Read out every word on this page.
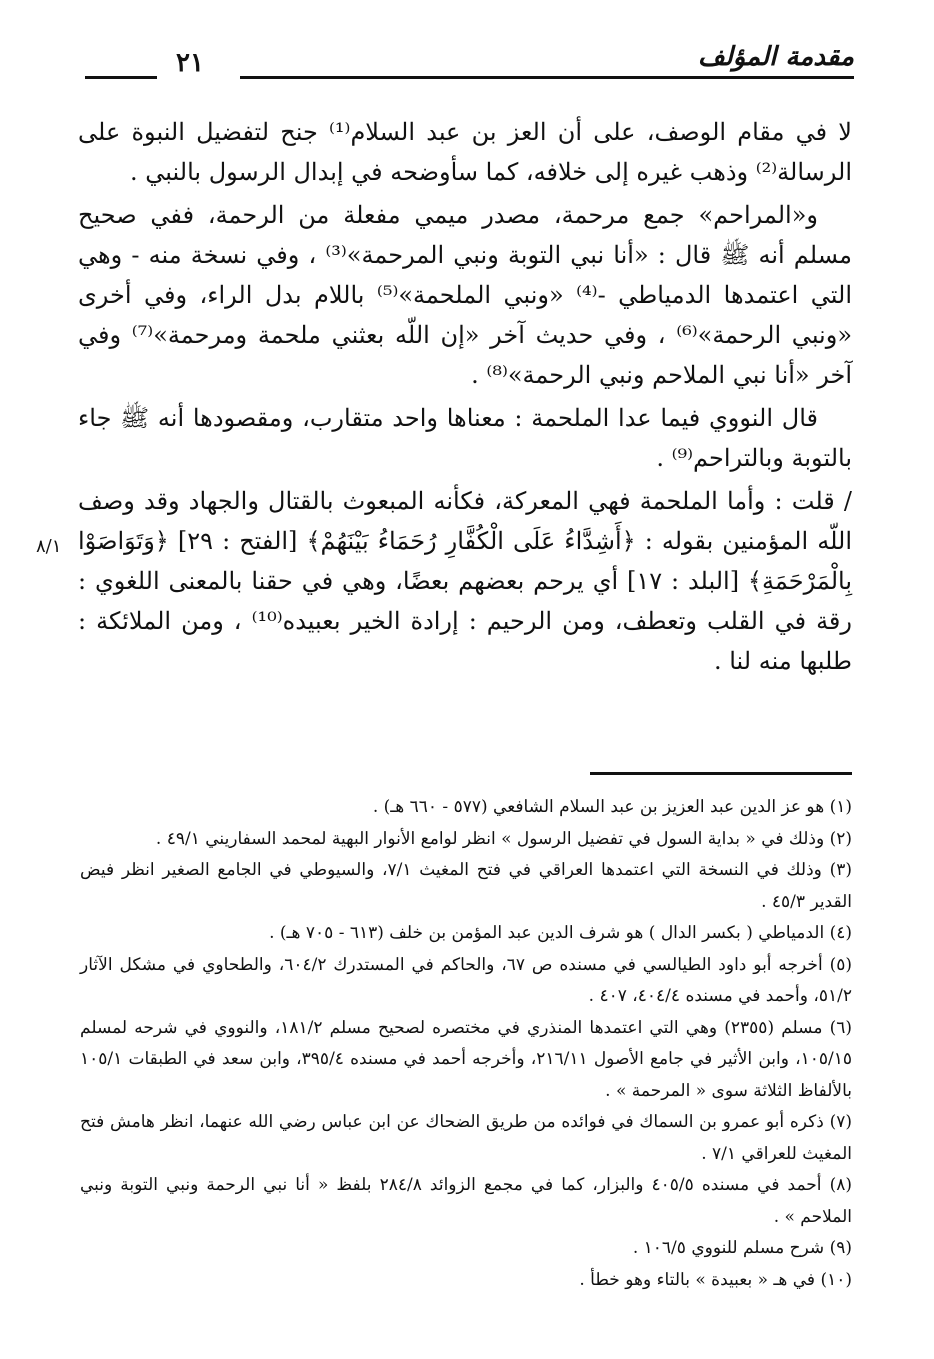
مقدمة المؤلف
٢١
٨/١

لا في مقام الوصف، على أن العز بن عبد السلام⁽¹⁾ جنح لتفضيل النبوة على الرسالة⁽²⁾ وذهب غيره إلى خلافه، كما سأوضحه في إبدال الرسول بالنبي .

و«المراحم» جمع مرحمة، مصدر ميمي مفعلة من الرحمة، ففي صحيح مسلم أنه ﷺ قال : «أنا نبي التوبة ونبي المرحمة»⁽³⁾ ، وفي نسخة منه - وهي التي اعتمدها الدمياطي -⁽⁴⁾ «ونبي الملحمة»⁽⁵⁾ باللام بدل الراء، وفي أخرى «ونبي الرحمة»⁽⁶⁾ ، وفي حديث آخر «إن اللّه بعثني ملحمة ومرحمة»⁽⁷⁾ وفي آخر «أنا نبي الملاحم ونبي الرحمة»⁽⁸⁾ .

قال النووي فيما عدا الملحمة : معناها واحد متقارب، ومقصودها أنه ﷺ جاء بالتوبة وبالتراحم⁽⁹⁾ .

/ قلت : وأما الملحمة فهي المعركة، فكأنه المبعوث بالقتال والجهاد وقد وصف اللّه المؤمنين بقوله : ﴿أَشِدَّاءُ عَلَى الْكُفَّارِ رُحَمَاءُ بَيْنَهُمْ﴾ [الفتح : ٢٩] ﴿وَتَوَاصَوْا بِالْمَرْحَمَةِ﴾ [البلد : ١٧] أي يرحم بعضهم بعضًا، وهي في حقنا بالمعنى اللغوي : رقة في القلب وتعطف، ومن الرحيم : إرادة الخير بعبيده⁽¹⁰⁾ ، ومن الملائكة : طلبها منه لنا .

(١) هو عز الدين عبد العزيز بن عبد السلام الشافعي (٥٧٧ - ٦٦٠ هـ) .

(٢) وذلك في « بداية السول في تفضيل الرسول » انظر لوامع الأنوار البهية لمحمد السفاريني ٤٩/١ .

(٣) وذلك في النسخة التي اعتمدها العراقي في فتح المغيث ٧/١، والسيوطي في الجامع الصغير انظر فيض القدير ٤٥/٣ .

(٤) الدمياطي ( بكسر الدال ) هو شرف الدين عبد المؤمن بن خلف (٦١٣ - ٧٠٥ هـ) .

(٥) أخرجه أبو داود الطيالسي في مسنده ص ٦٧، والحاكم في المستدرك ٦٠٤/٢، والطحاوي في مشكل الآثار ٥١/٢، وأحمد في مسنده ٤٠٤/٤، ٤٠٧ .

(٦) مسلم (٢٣٥٥) وهي التي اعتمدها المنذري في مختصره لصحيح مسلم ١٨١/٢، والنووي في شرحه لمسلم ١٠٥/١٥، وابن الأثير في جامع الأصول ٢١٦/١١، وأخرجه أحمد في مسنده ٣٩٥/٤، وابن سعد في الطبقات ١٠٥/١ بالألفاظ الثلاثة سوى « المرحمة » .

(٧) ذكره أبو عمرو بن السماك في فوائده من طريق الضحاك عن ابن عباس رضي الله عنهما، انظر هامش فتح المغيث للعراقي ٧/١ .

(٨) أحمد في مسنده ٤٠٥/٥ والبزار، كما في مجمع الزوائد ٢٨٤/٨ بلفظ « أنا نبي الرحمة ونبي التوبة ونبي الملاحم » .

(٩) شرح مسلم للنووي ١٠٦/٥ .

(١٠) في هـ « بعبيدة » بالتاء وهو خطأ .
